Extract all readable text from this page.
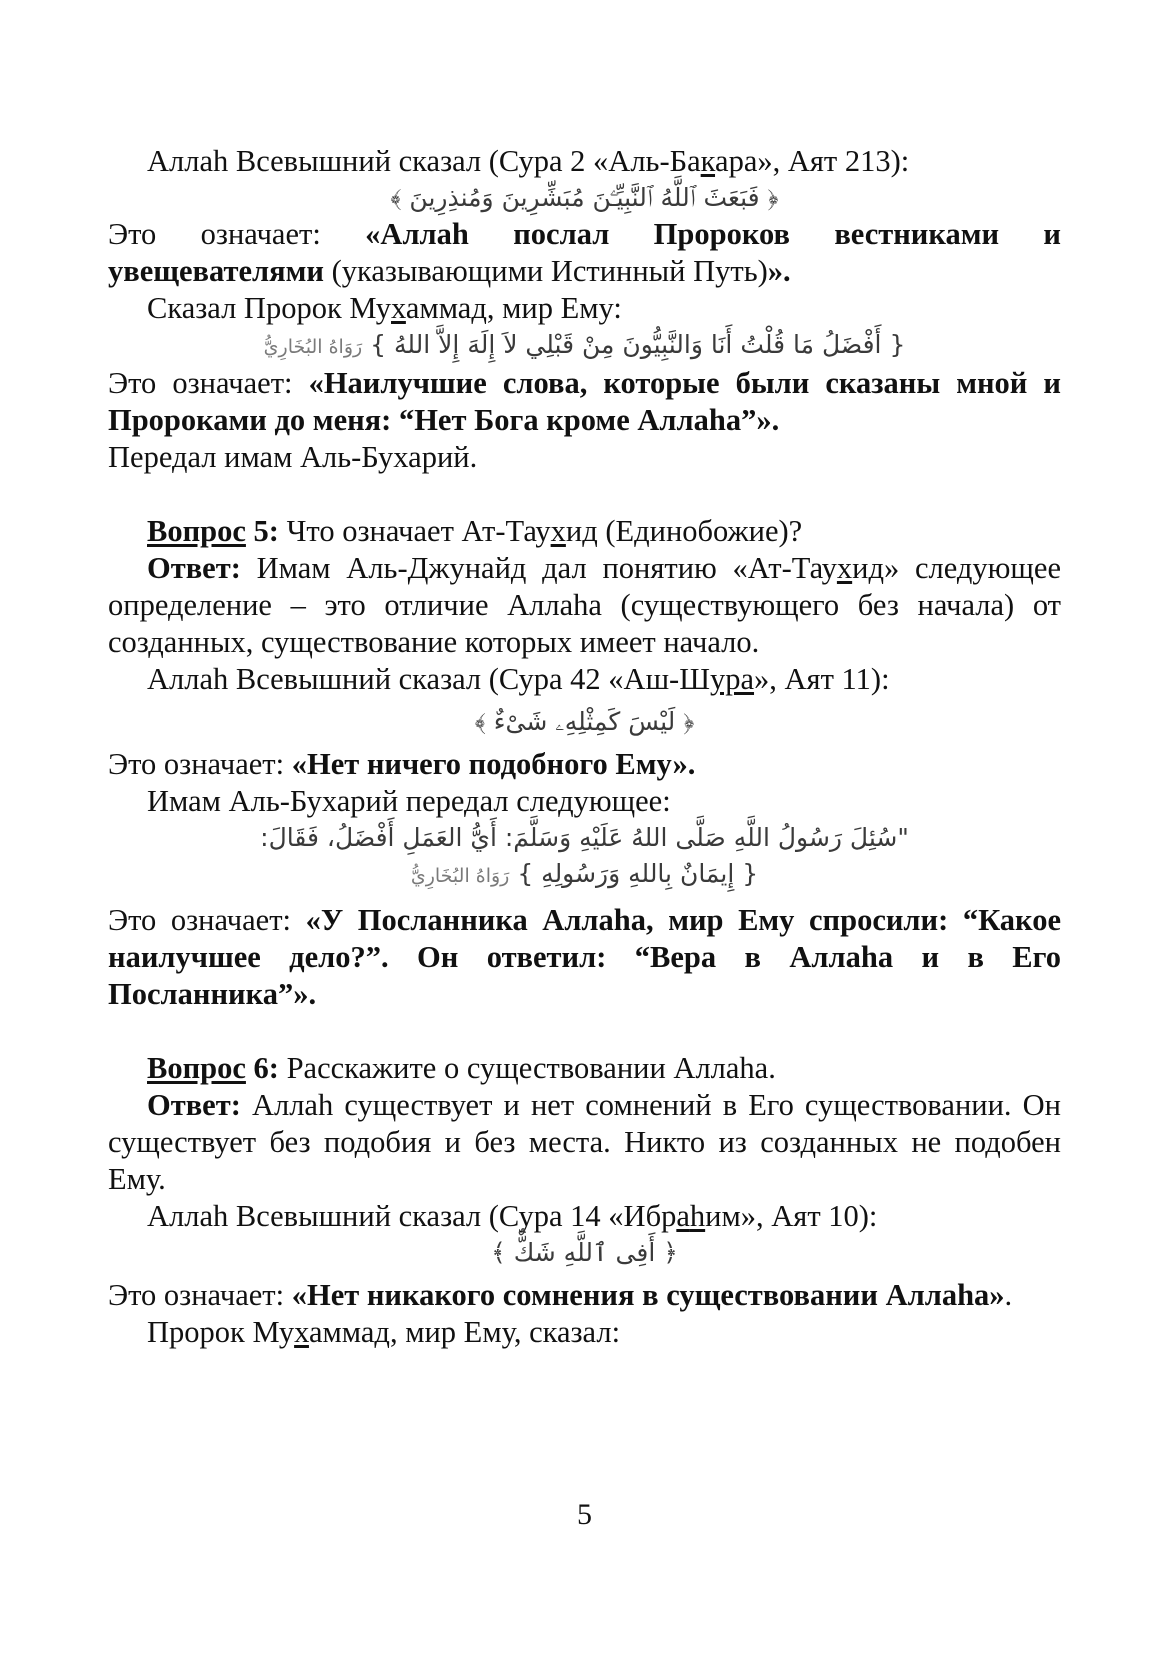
Аллаh Всевышний сказал (Сура 2 «Аль-Бакара», Аят 213):

﴿ فَبَعَثَ ٱللَّهُ ٱلنَّبِيِّـۧنَ مُبَشِّرِينَ وَمُنذِرِينَ ﴾

Это означает: «Аллаh послал Пророков вестниками и увещевателями (указывающими Истинный Путь)».

Сказал Пророк Мухаммад, мир Ему:

{ أَفْضَلُ مَا قُلْتُ أَنَا وَالنَّبِيُّونَ مِنْ قَبْلِي لاَ إِلَهَ إِلاَّ اللهُ } رَوَاهُ البُخَارِيُّ

Это означает: «Наилучшие слова, которые были сказаны мной и Пророками до меня: “Нет Бога кроме Аллаhа”».

Передал имам Аль-Бухарий.

Вопрос 5: Что означает Ат-Таухид (Единобожие)?

Ответ: Имам Аль-Джунайд дал понятию «Ат-Таухид» следующее определение – это отличие Аллаhа (существующего без начала) от созданных, существование которых имеет начало.

Аллаh Всевышний сказал (Сура 42 «Аш-Шура», Аят 11):

﴿ لَيْسَ كَمِثْلِهِۦ شَىْءٌ ﴾

Это означает: «Нет ничего подобного Ему».

Имам Аль-Бухарий передал следующее:

"سُئِلَ رَسُولُ اللَّهِ صَلَّى اللهُ عَلَيْهِ وَسَلَّمَ: أَيُّ العَمَلِ أَفْضَلُ، فَقَالَ:

{ إِيمَانٌ بِاللهِ وَرَسُولِهِ } رَوَاهُ البُخَارِيُّ

Это означает: «У Посланника Аллаhа, мир Ему спросили: “Какое наилучшее дело?”. Он ответил: “Вера в Аллаhа и в Его Посланника”».

Вопрос 6: Расскажите о существовании Аллаhа.

Ответ: Аллаh существует и нет сомнений в Его существовании. Он существует без подобия и без места. Никто из созданных не подобен Ему.

Аллаh Всевышний сказал (Сура 14 «Ибраhим», Аят 10):

﴿ أَفِى ٱللَّهِ شَكٌّ ﴾

Это означает: «Нет никакого сомнения в существовании Аллаhа».

Пророк Мухаммад, мир Ему, сказал:

5
